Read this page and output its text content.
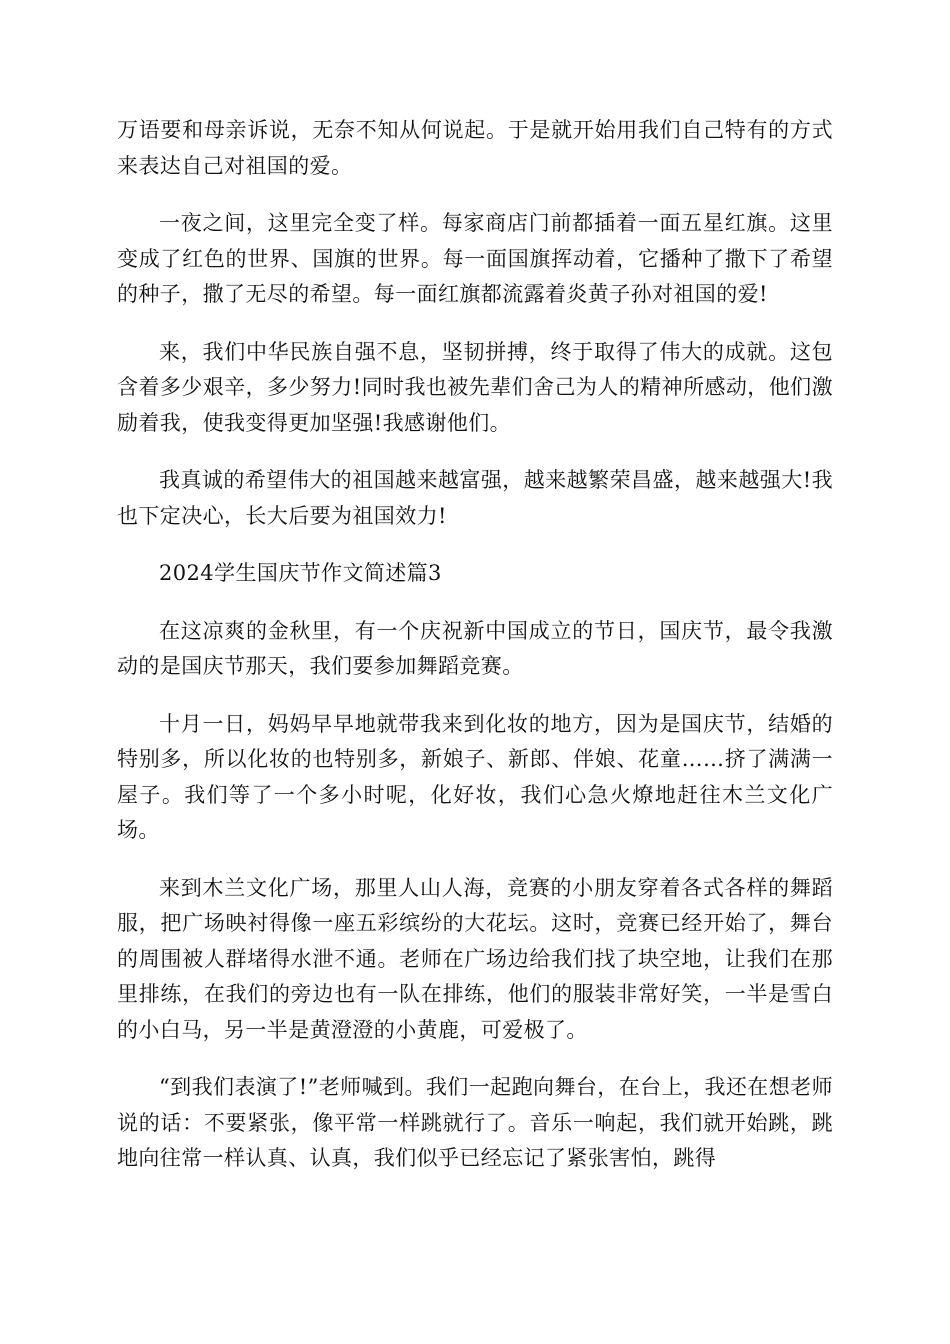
万语要和母亲诉说，无奈不知从何说起。于是就开始用我们自己特有的方式来表达自己对祖国的爱。

一夜之间，这里完全变了样。每家商店门前都插着一面五星红旗。这里变成了红色的世界、国旗的世界。每一面国旗挥动着，它播种了撒下了希望的种子，撒了无尽的希望。每一面红旗都流露着炎黄子孙对祖国的爱!

来，我们中华民族自强不息，坚韧拼搏，终于取得了伟大的成就。这包含着多少艰辛，多少努力!同时我也被先辈们舍己为人的精神所感动，他们激励着我，使我变得更加坚强!我感谢他们。

我真诚的希望伟大的祖国越来越富强，越来越繁荣昌盛，越来越强大!我也下定决心，长大后要为祖国效力!

2024学生国庆节作文简述篇3

在这凉爽的金秋里，有一个庆祝新中国成立的节日，国庆节，最令我激动的是国庆节那天，我们要参加舞蹈竞赛。

十月一日，妈妈早早地就带我来到化妆的地方，因为是国庆节，结婚的特别多，所以化妆的也特别多，新娘子、新郎、伴娘、花童……挤了满满一屋子。我们等了一个多小时呢，化好妆，我们心急火燎地赶往木兰文化广场。

来到木兰文化广场，那里人山人海，竞赛的小朋友穿着各式各样的舞蹈服，把广场映衬得像一座五彩缤纷的大花坛。这时，竞赛已经开始了，舞台的周围被人群堵得水泄不通。老师在广场边给我们找了块空地，让我们在那里排练，在我们的旁边也有一队在排练，他们的服装非常好笑，一半是雪白的小白马，另一半是黄澄澄的小黄鹿，可爱极了。

“到我们表演了!”老师喊到。我们一起跑向舞台，在台上，我还在想老师说的话：不要紧张，像平常一样跳就行了。音乐一响起，我们就开始跳，跳地向往常一样认真、认真，我们似乎已经忘记了紧张害怕，跳得
